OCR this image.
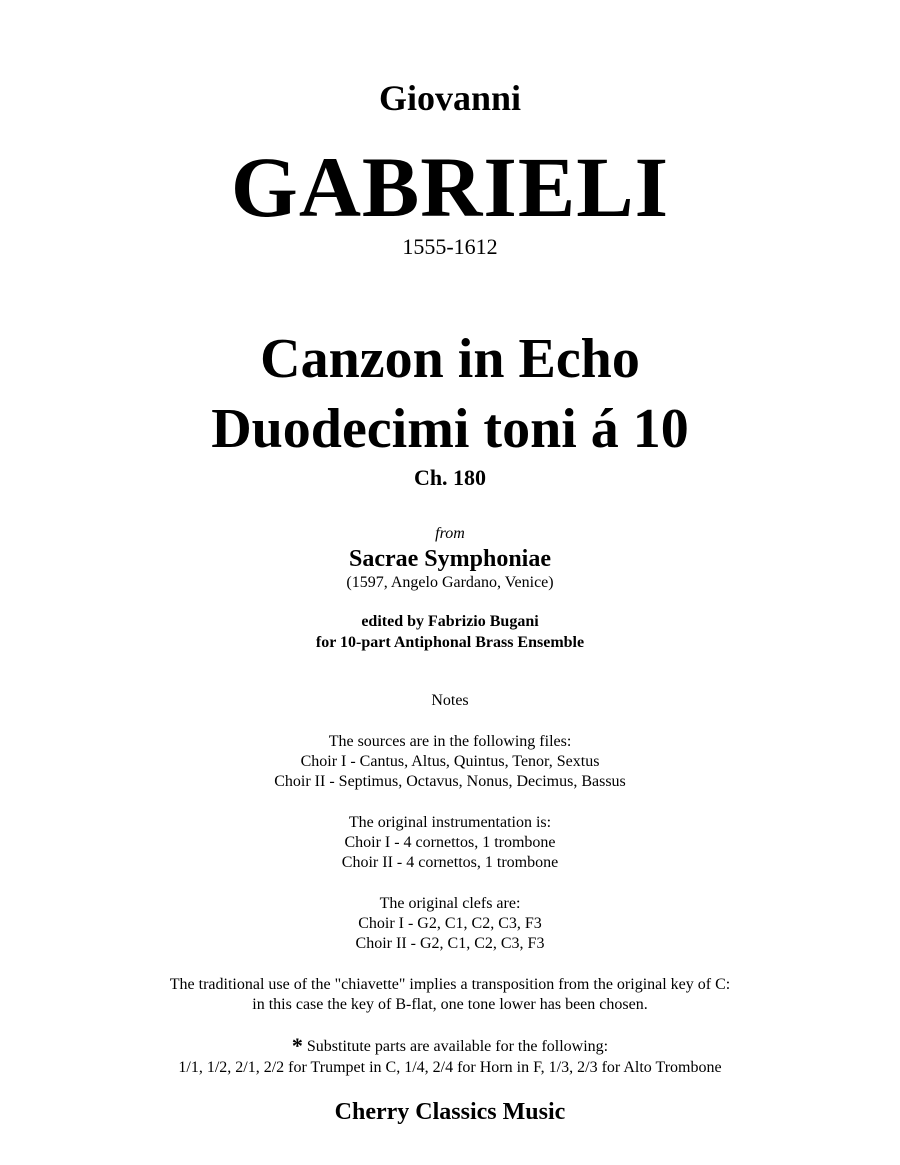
Giovanni

GABRIELI

1555-1612

Canzon in Echo

Duodecimi toni á 10

Ch. 180

from

Sacrae Symphoniae

(1597, Angelo Gardano, Venice)

edited by Fabrizio Bugani

for 10-part Antiphonal Brass Ensemble

Notes

The sources are in the following files:

Choir I - Cantus, Altus, Quintus, Tenor, Sextus

Choir II - Septimus, Octavus, Nonus, Decimus, Bassus

The original instrumentation is:

Choir I - 4 cornettos, 1 trombone

Choir II - 4 cornettos, 1 trombone

The original clefs are:

Choir I - G2, C1, C2, C3, F3

Choir II - G2, C1, C2, C3, F3

The traditional use of the "chiavette" implies a transposition from the original key of C:

in this case the key of B-flat, one tone lower has been chosen.

* Substitute parts are available for the following:

1/1, 1/2, 2/1, 2/2 for Trumpet in C, 1/4, 2/4 for Horn in F, 1/3, 2/3 for Alto Trombone

Cherry Classics Music
